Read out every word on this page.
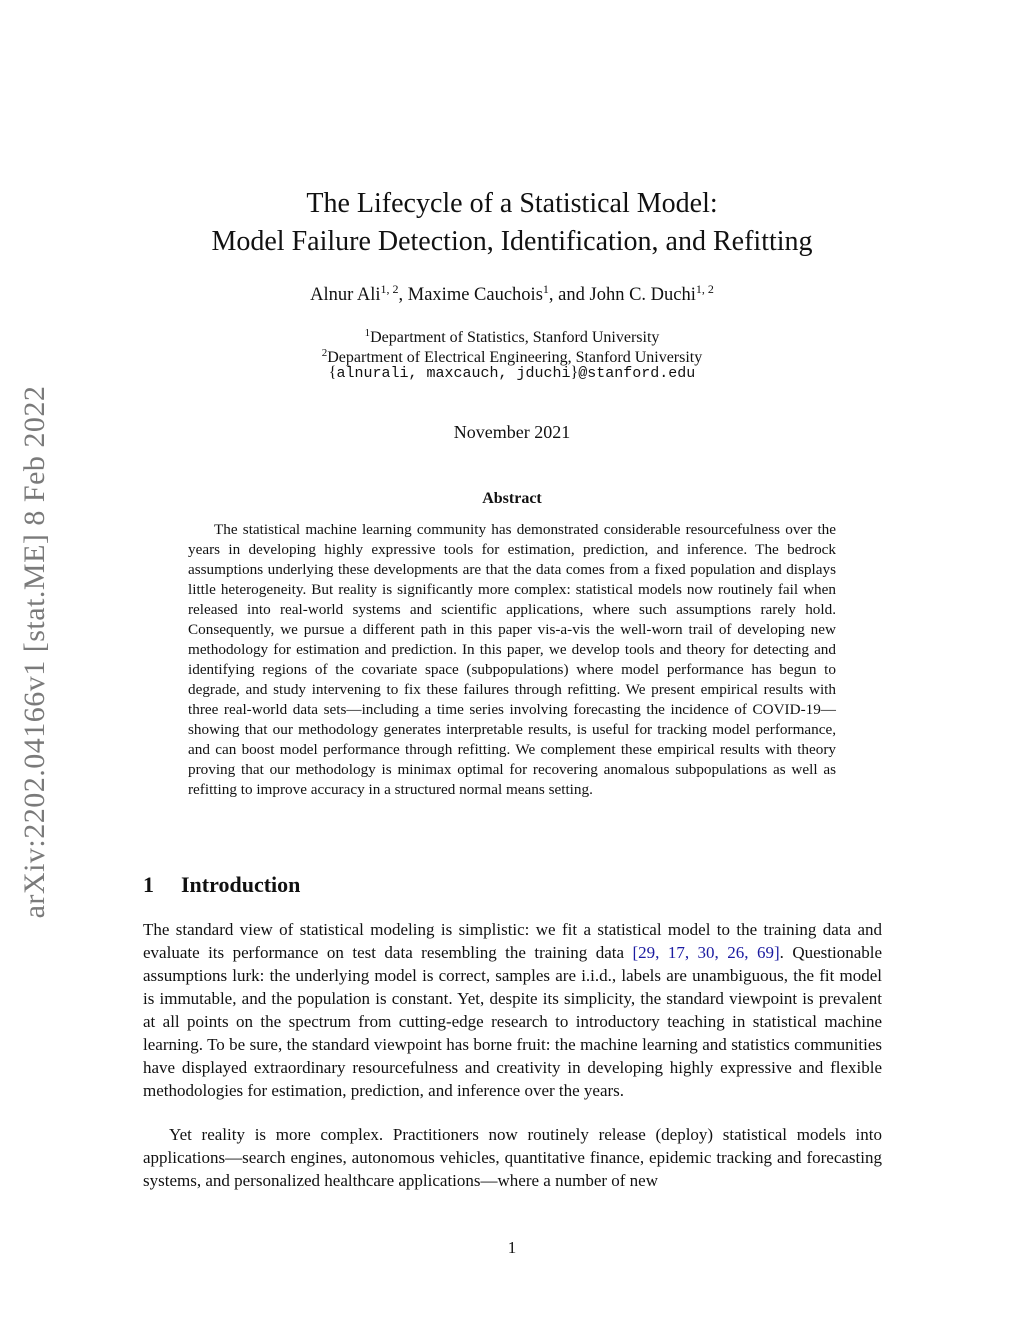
arXiv:2202.04166v1 [stat.ME] 8 Feb 2022
The Lifecycle of a Statistical Model:
Model Failure Detection, Identification, and Refitting
Alnur Ali$^{1, 2}$, Maxime Cauchois$^1$, and John C. Duchi$^{1, 2}$
$^1$Department of Statistics, Stanford University
$^2$Department of Electrical Engineering, Stanford University
{alnurali, maxcauch, jduchi}@stanford.edu
November 2021
Abstract
The statistical machine learning community has demonstrated considerable resourcefulness over the years in developing highly expressive tools for estimation, prediction, and inference. The bedrock assumptions underlying these developments are that the data comes from a fixed population and displays little heterogeneity. But reality is significantly more complex: statistical models now routinely fail when released into real-world systems and scientific applications, where such assumptions rarely hold. Consequently, we pursue a different path in this paper vis-a-vis the well-worn trail of developing new methodology for estimation and prediction. In this paper, we develop tools and theory for detecting and identifying regions of the covariate space (subpopulations) where model performance has begun to degrade, and study intervening to fix these failures through refitting. We present empirical results with three real-world data sets—including a time series involving forecasting the incidence of COVID-19—showing that our methodology generates interpretable results, is useful for tracking model performance, and can boost model performance through refitting. We complement these empirical results with theory proving that our methodology is minimax optimal for recovering anomalous subpopulations as well as refitting to improve accuracy in a structured normal means setting.
1 Introduction
The standard view of statistical modeling is simplistic: we fit a statistical model to the training data and evaluate its performance on test data resembling the training data [29, 17, 30, 26, 69]. Questionable assumptions lurk: the underlying model is correct, samples are i.i.d., labels are unambiguous, the fit model is immutable, and the population is constant. Yet, despite its simplicity, the standard viewpoint is prevalent at all points on the spectrum from cutting-edge research to introductory teaching in statistical machine learning. To be sure, the standard viewpoint has borne fruit: the machine learning and statistics communities have displayed extraordinary resourcefulness and creativity in developing highly expressive and flexible methodologies for estimation, prediction, and inference over the years.
Yet reality is more complex. Practitioners now routinely release (deploy) statistical models into applications—search engines, autonomous vehicles, quantitative finance, epidemic tracking and forecasting systems, and personalized healthcare applications—where a number of new
1
